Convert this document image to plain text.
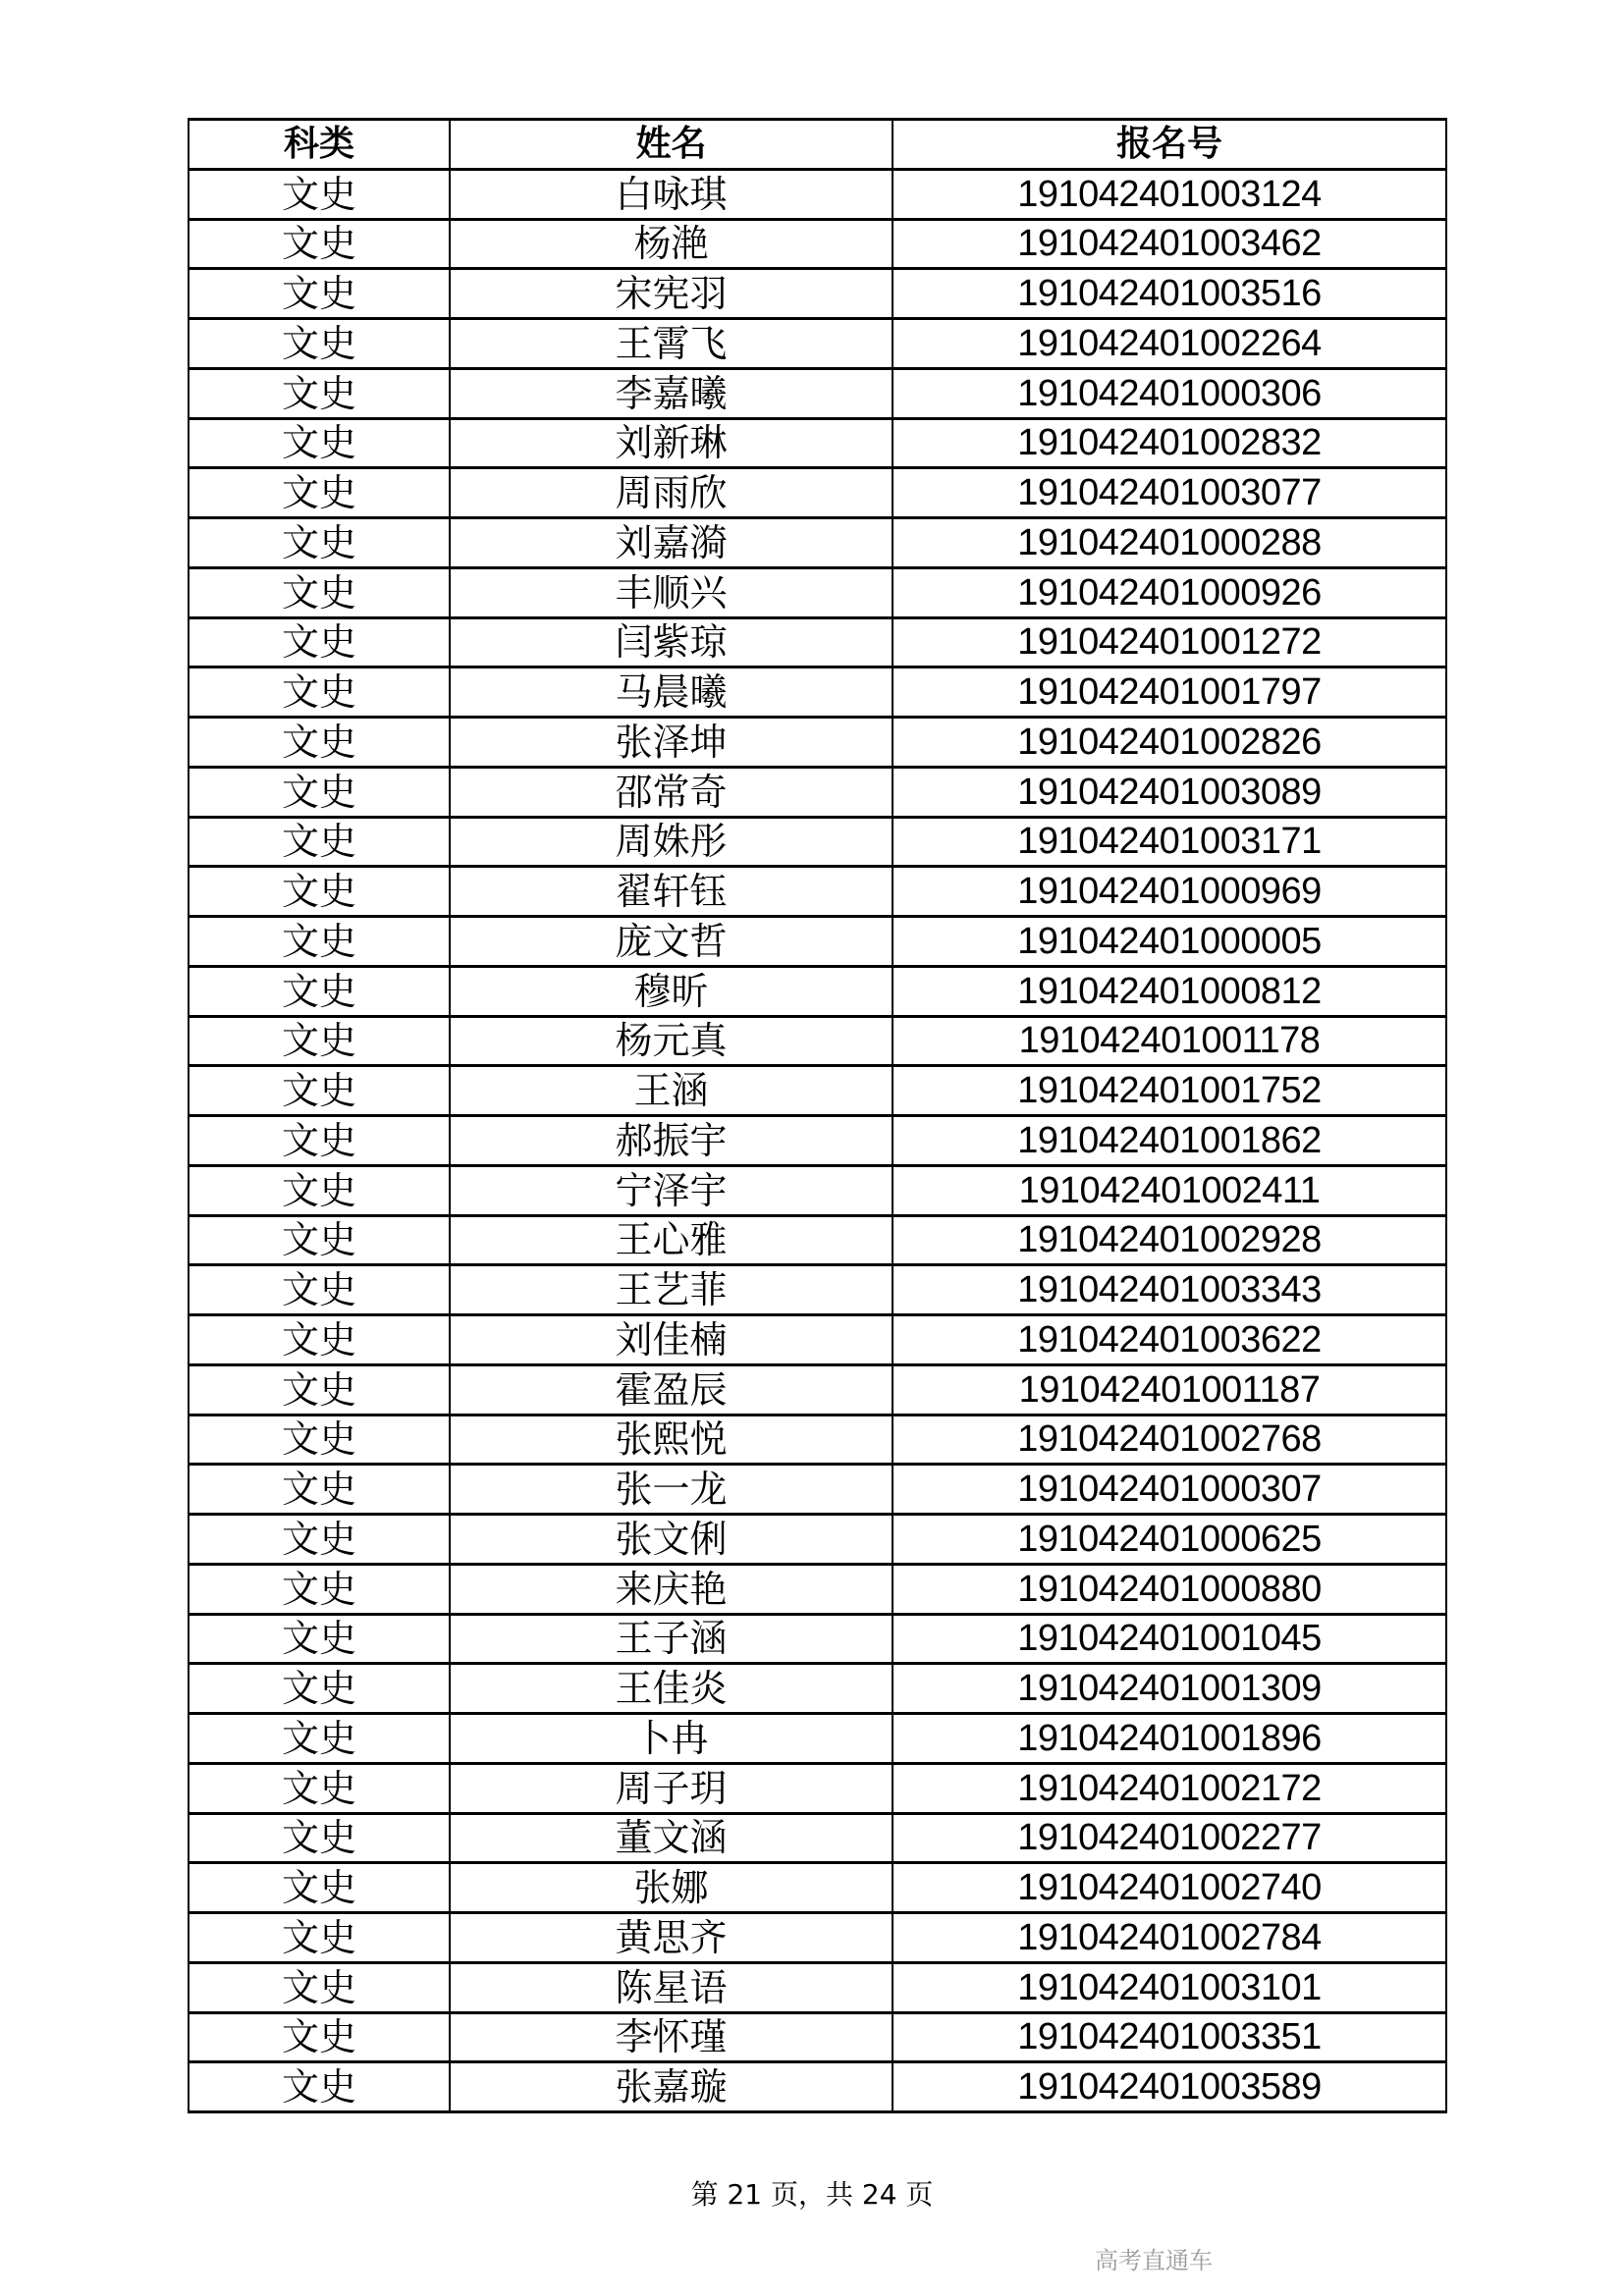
科类	姓名	报名号
文史	白咏琪	191042401003124
文史	杨滟	191042401003462
文史	宋宪羽	191042401003516
文史	王霄飞	191042401002264
文史	李嘉曦	191042401000306
文史	刘新琳	191042401002832
文史	周雨欣	191042401003077
文史	刘嘉漪	191042401000288
文史	丰顺兴	191042401000926
文史	闫紫琼	191042401001272
文史	马晨曦	191042401001797
文史	张泽坤	191042401002826
文史	邵常奇	191042401003089
文史	周姝彤	191042401003171
文史	翟轩钰	191042401000969
文史	庞文哲	191042401000005
文史	穆昕	191042401000812
文史	杨元真	191042401001178
文史	王涵	191042401001752
文史	郝振宇	191042401001862
文史	宁泽宇	191042401002411
文史	王心雅	191042401002928
文史	王艺菲	191042401003343
文史	刘佳楠	191042401003622
文史	霍盈辰	191042401001187
文史	张熙悦	191042401002768
文史	张一龙	191042401000307
文史	张文俐	191042401000625
文史	来庆艳	191042401000880
文史	王子涵	191042401001045
文史	王佳炎	191042401001309
文史	卜冉	191042401001896
文史	周子玥	191042401002172
文史	董文涵	191042401002277
文史	张娜	191042401002740
文史	黄思齐	191042401002784
文史	陈星语	191042401003101
文史	李怀瑾	191042401003351
文史	张嘉璇	191042401003589
第 21 页，共 24 页
高考直通车
